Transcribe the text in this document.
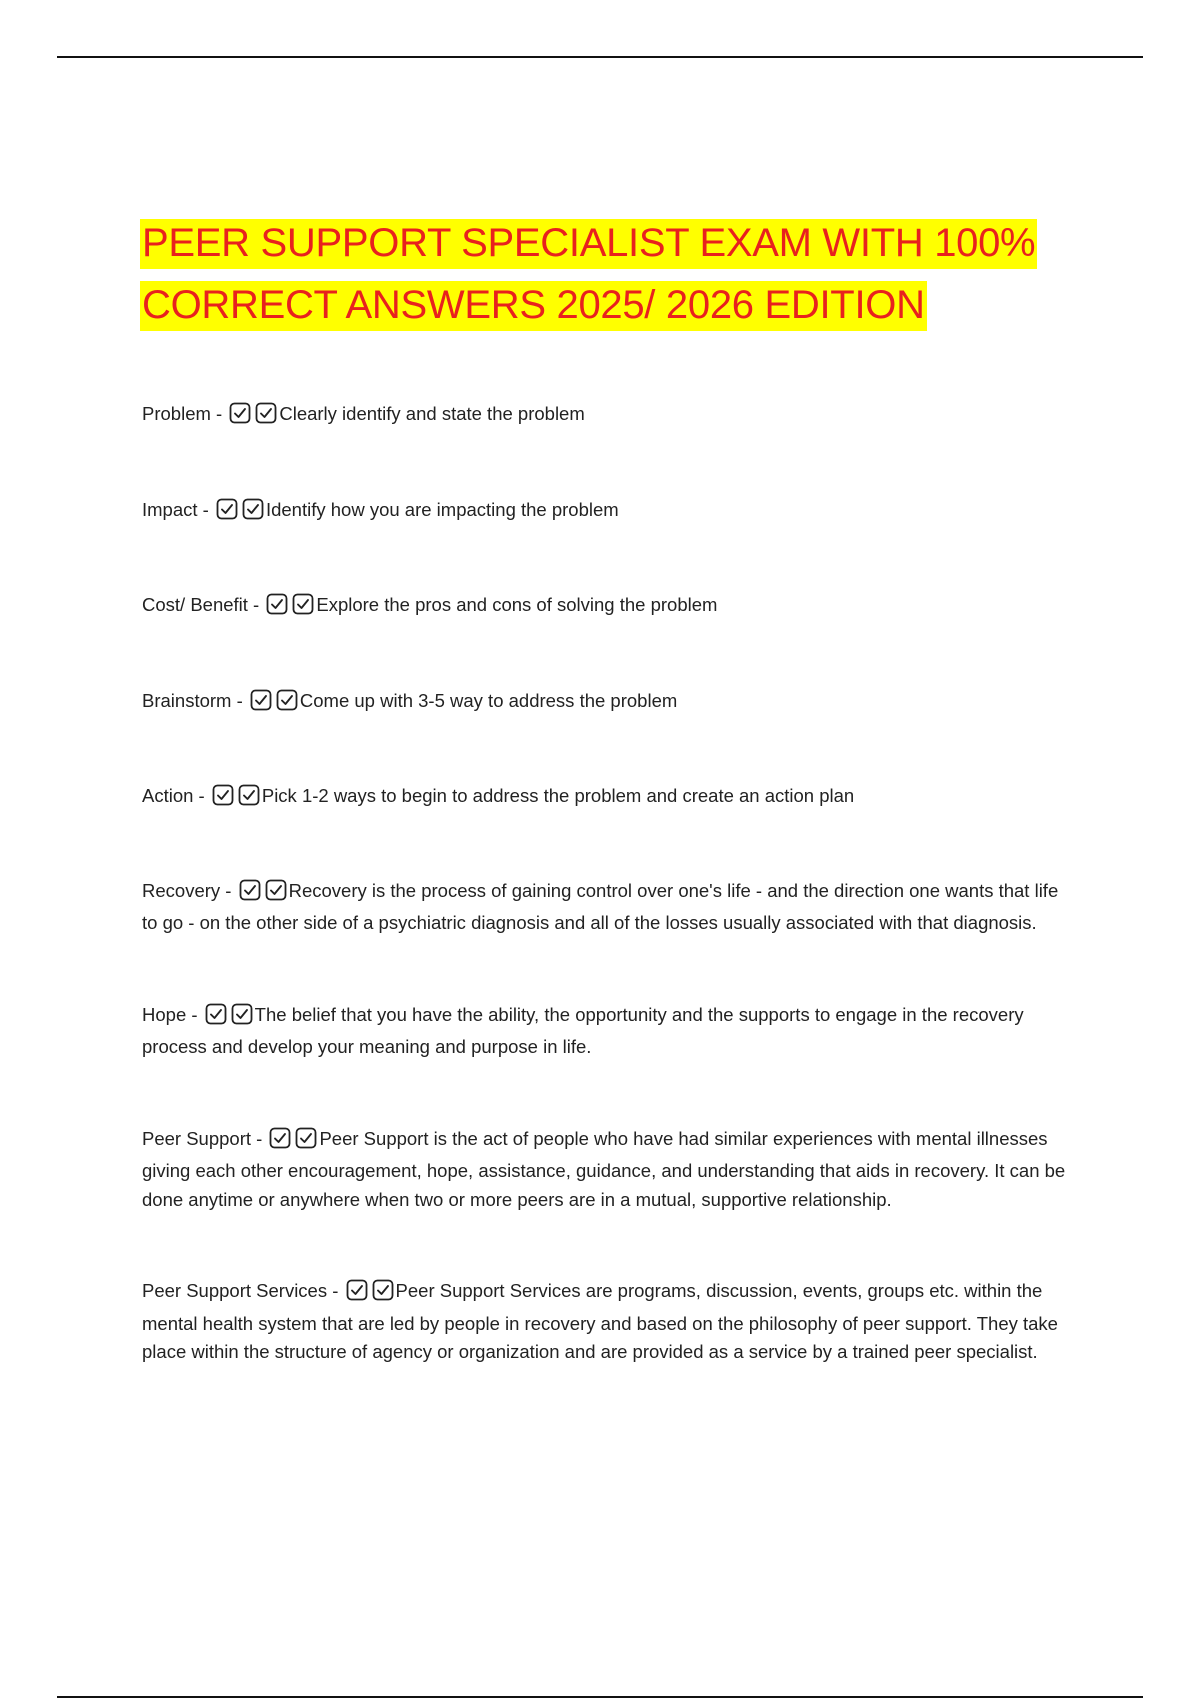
PEER SUPPORT SPECIALIST EXAM WITH 100% CORRECT ANSWERS 2025/ 2026 EDITION

Problem -	Clearly identify and state the problem

Impact -	Identify how you are impacting the problem

Cost/ Benefit -	Explore the pros and cons of solving the problem

Brainstorm -	Come up with 3-5 way to address the problem

Action -	Pick 1-2 ways to begin to address the problem and create an action plan

Recovery -	Recovery is the process of gaining control over one's life - and the direction one wants that life to go - on the other side of a psychiatric diagnosis and all of the losses usually associated with that diagnosis.

Hope -	The belief that you have the ability, the opportunity and the supports to engage in the recovery process and develop your meaning and purpose in life.

Peer Support -	Peer Support is the act of people who have had similar experiences with mental illnesses giving each other encouragement, hope, assistance, guidance, and understanding that aids in recovery. It can be done anytime or anywhere when two or more peers are in a mutual, supportive relationship.

Peer Support Services -	Peer Support Services are programs, discussion, events, groups etc. within the mental health system that are led by people in recovery and based on the philosophy of peer support. They take place within the structure of agency or organization and are provided as a service by a trained peer specialist.
